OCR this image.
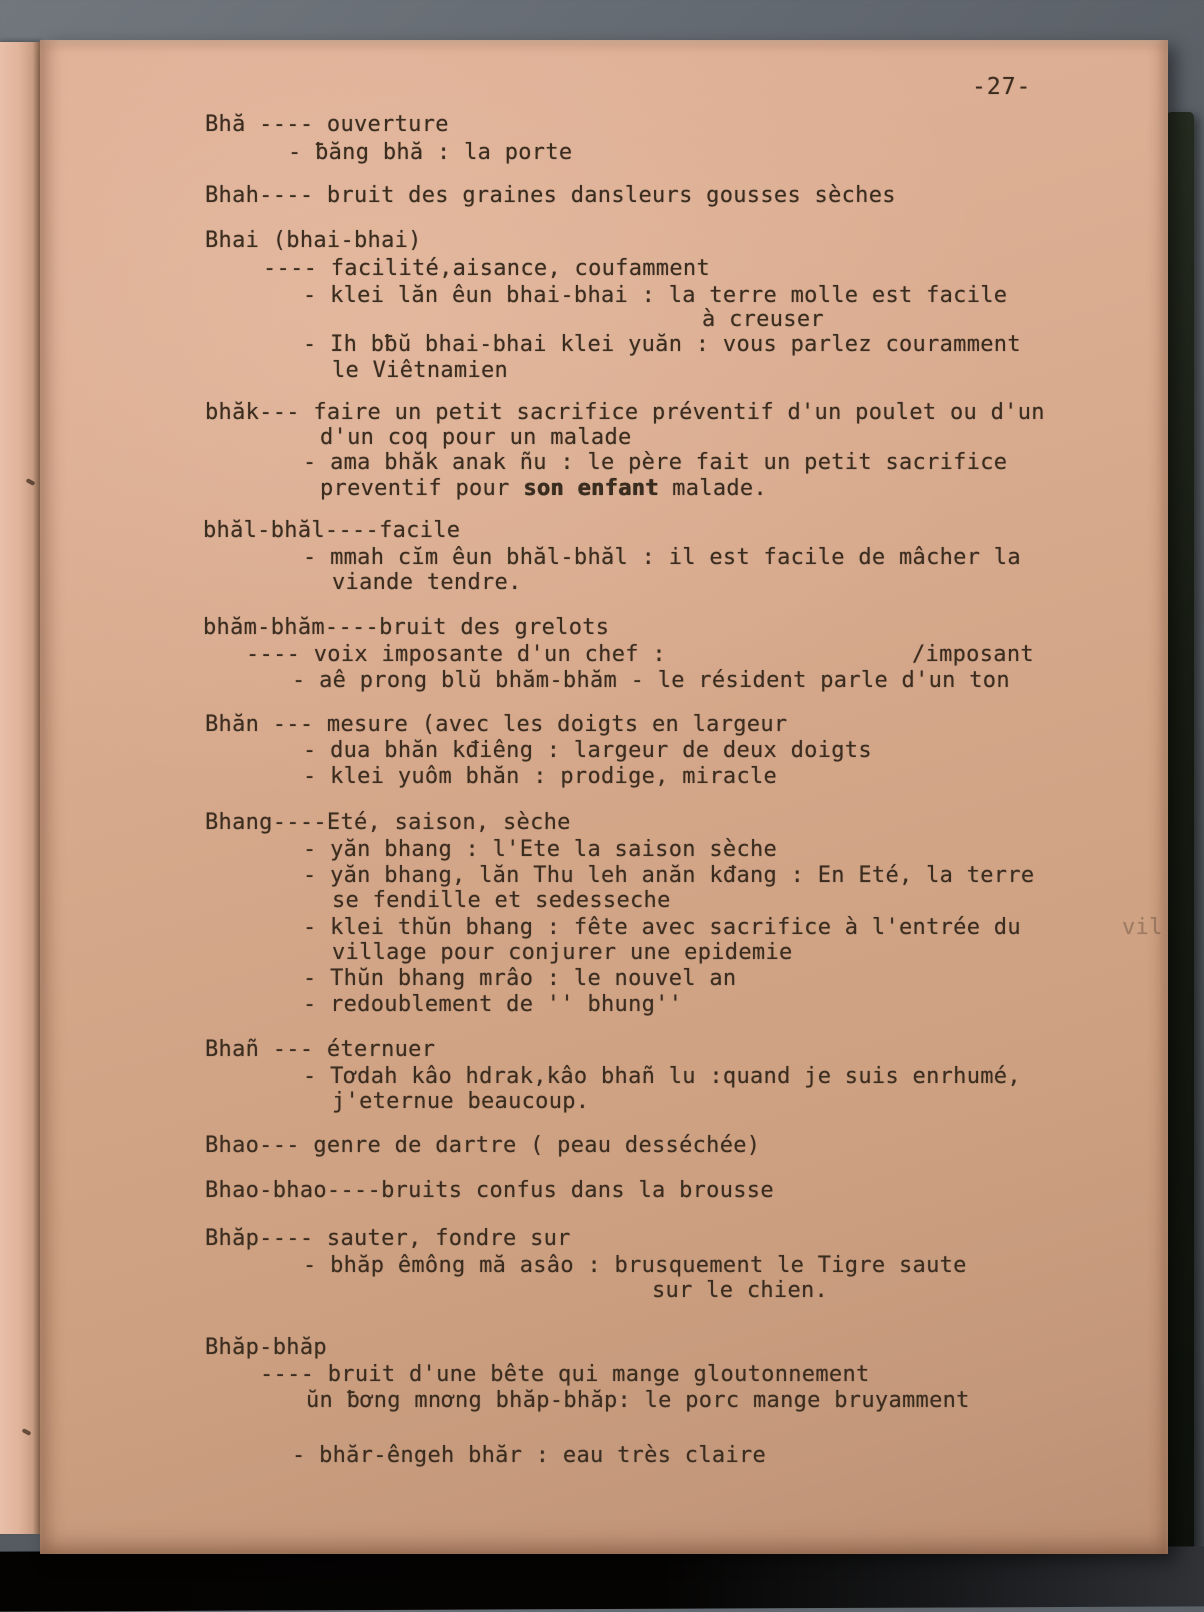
-27-
Bhă ---- ouverture
- ƀăng bhă : la porte
Bhah---- bruit des graines dansleurs gousses sèches
Bhai (bhai-bhai)
---- facilité,aisance, coufamment
- klei lăn êun bhai-bhai : la terre molle est facile
à creuser
- Ih bƀŭ bhai-bhai klei yuăn : vous parlez couramment
le Viêtnamien
bhăk--- faire un petit sacrifice préventif d'un poulet ou d'un
d'un coq pour un malade
- ama bhăk anak ñu : le père fait un petit sacrifice
preventif pour son enfant malade.
bhăl-bhăl----facile
- mmah cĭm êun bhăl-bhăl : il est facile de mâcher la
viande tendre.
bhăm-bhăm----bruit des grelots
---- voix imposante d'un chef :	/imposant
- aê prong blŭ bhăm-bhăm - le résident parle d'un ton
Bhăn --- mesure (avec les doigts en largeur
- dua bhăn kđiêng : largeur de deux doigts
- klei yuôm bhăn : prodige, miracle
Bhang----Eté, saison, sèche
- yăn bhang : l'Ete la saison sèche
- yăn bhang, lăn Thu leh anăn kđang : En Eté, la terre
se fendille et sedesseche
- klei thŭn bhang : fête avec sacrifice à l'entrée du	vil
village pour conjurer une epidemie
- Thŭn bhang mrâo : le nouvel an
- redoublement de '' bhung''
Bhañ --- éternuer
- Tơdah kâo hdrak,kâo bhañ lu :quand je suis enrhumé,
j'eternue beaucoup.
Bhao--- genre de dartre ( peau desséchée)
Bhao-bhao----bruits confus dans la brousse
Bhăp---- sauter, fondre sur
- bhăp êmông mă asâo : brusquement le Tigre saute
sur le chien.
Bhăp-bhăp
---- bruit d'une bête qui mange gloutonnement
ŭn ƀơng mnơng bhăp-bhăp: le porc mange bruyamment
- bhăr-êngeh bhăr : eau très claire
